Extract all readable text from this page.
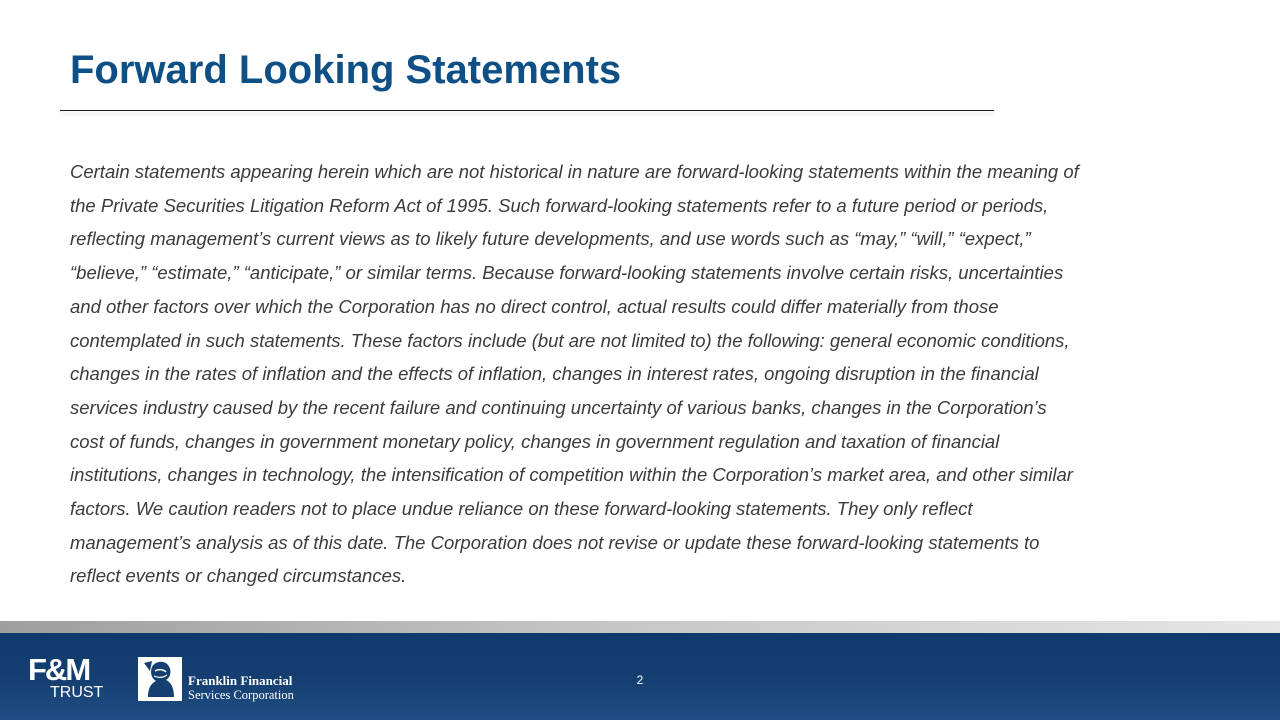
Forward Looking Statements

Certain statements appearing herein which are not historical in nature are forward-looking statements within the meaning of
the Private Securities Litigation Reform Act of 1995. Such forward-looking statements refer to a future period or periods,
reflecting management’s current views as to likely future developments, and use words such as “may,” “will,” “expect,”
“believe,” “estimate,” “anticipate,” or similar terms. Because forward-looking statements involve certain risks, uncertainties
and other factors over which the Corporation has no direct control, actual results could differ materially from those
contemplated in such statements. These factors include (but are not limited to) the following: general economic conditions,
changes in the rates of inflation and the effects of inflation, changes in interest rates, ongoing disruption in the financial
services industry caused by the recent failure and continuing uncertainty of various banks, changes in the Corporation’s
cost of funds, changes in government monetary policy, changes in government regulation and taxation of financial
institutions, changes in technology, the intensification of competition within the Corporation’s market area, and other similar
factors. We caution readers not to place undue reliance on these forward-looking statements. They only reflect
management’s analysis as of this date. The Corporation does not revise or update these forward-looking statements to
reflect events or changed circumstances.

F&M
TRUST
Franklin Financial
Services Corporation
2
